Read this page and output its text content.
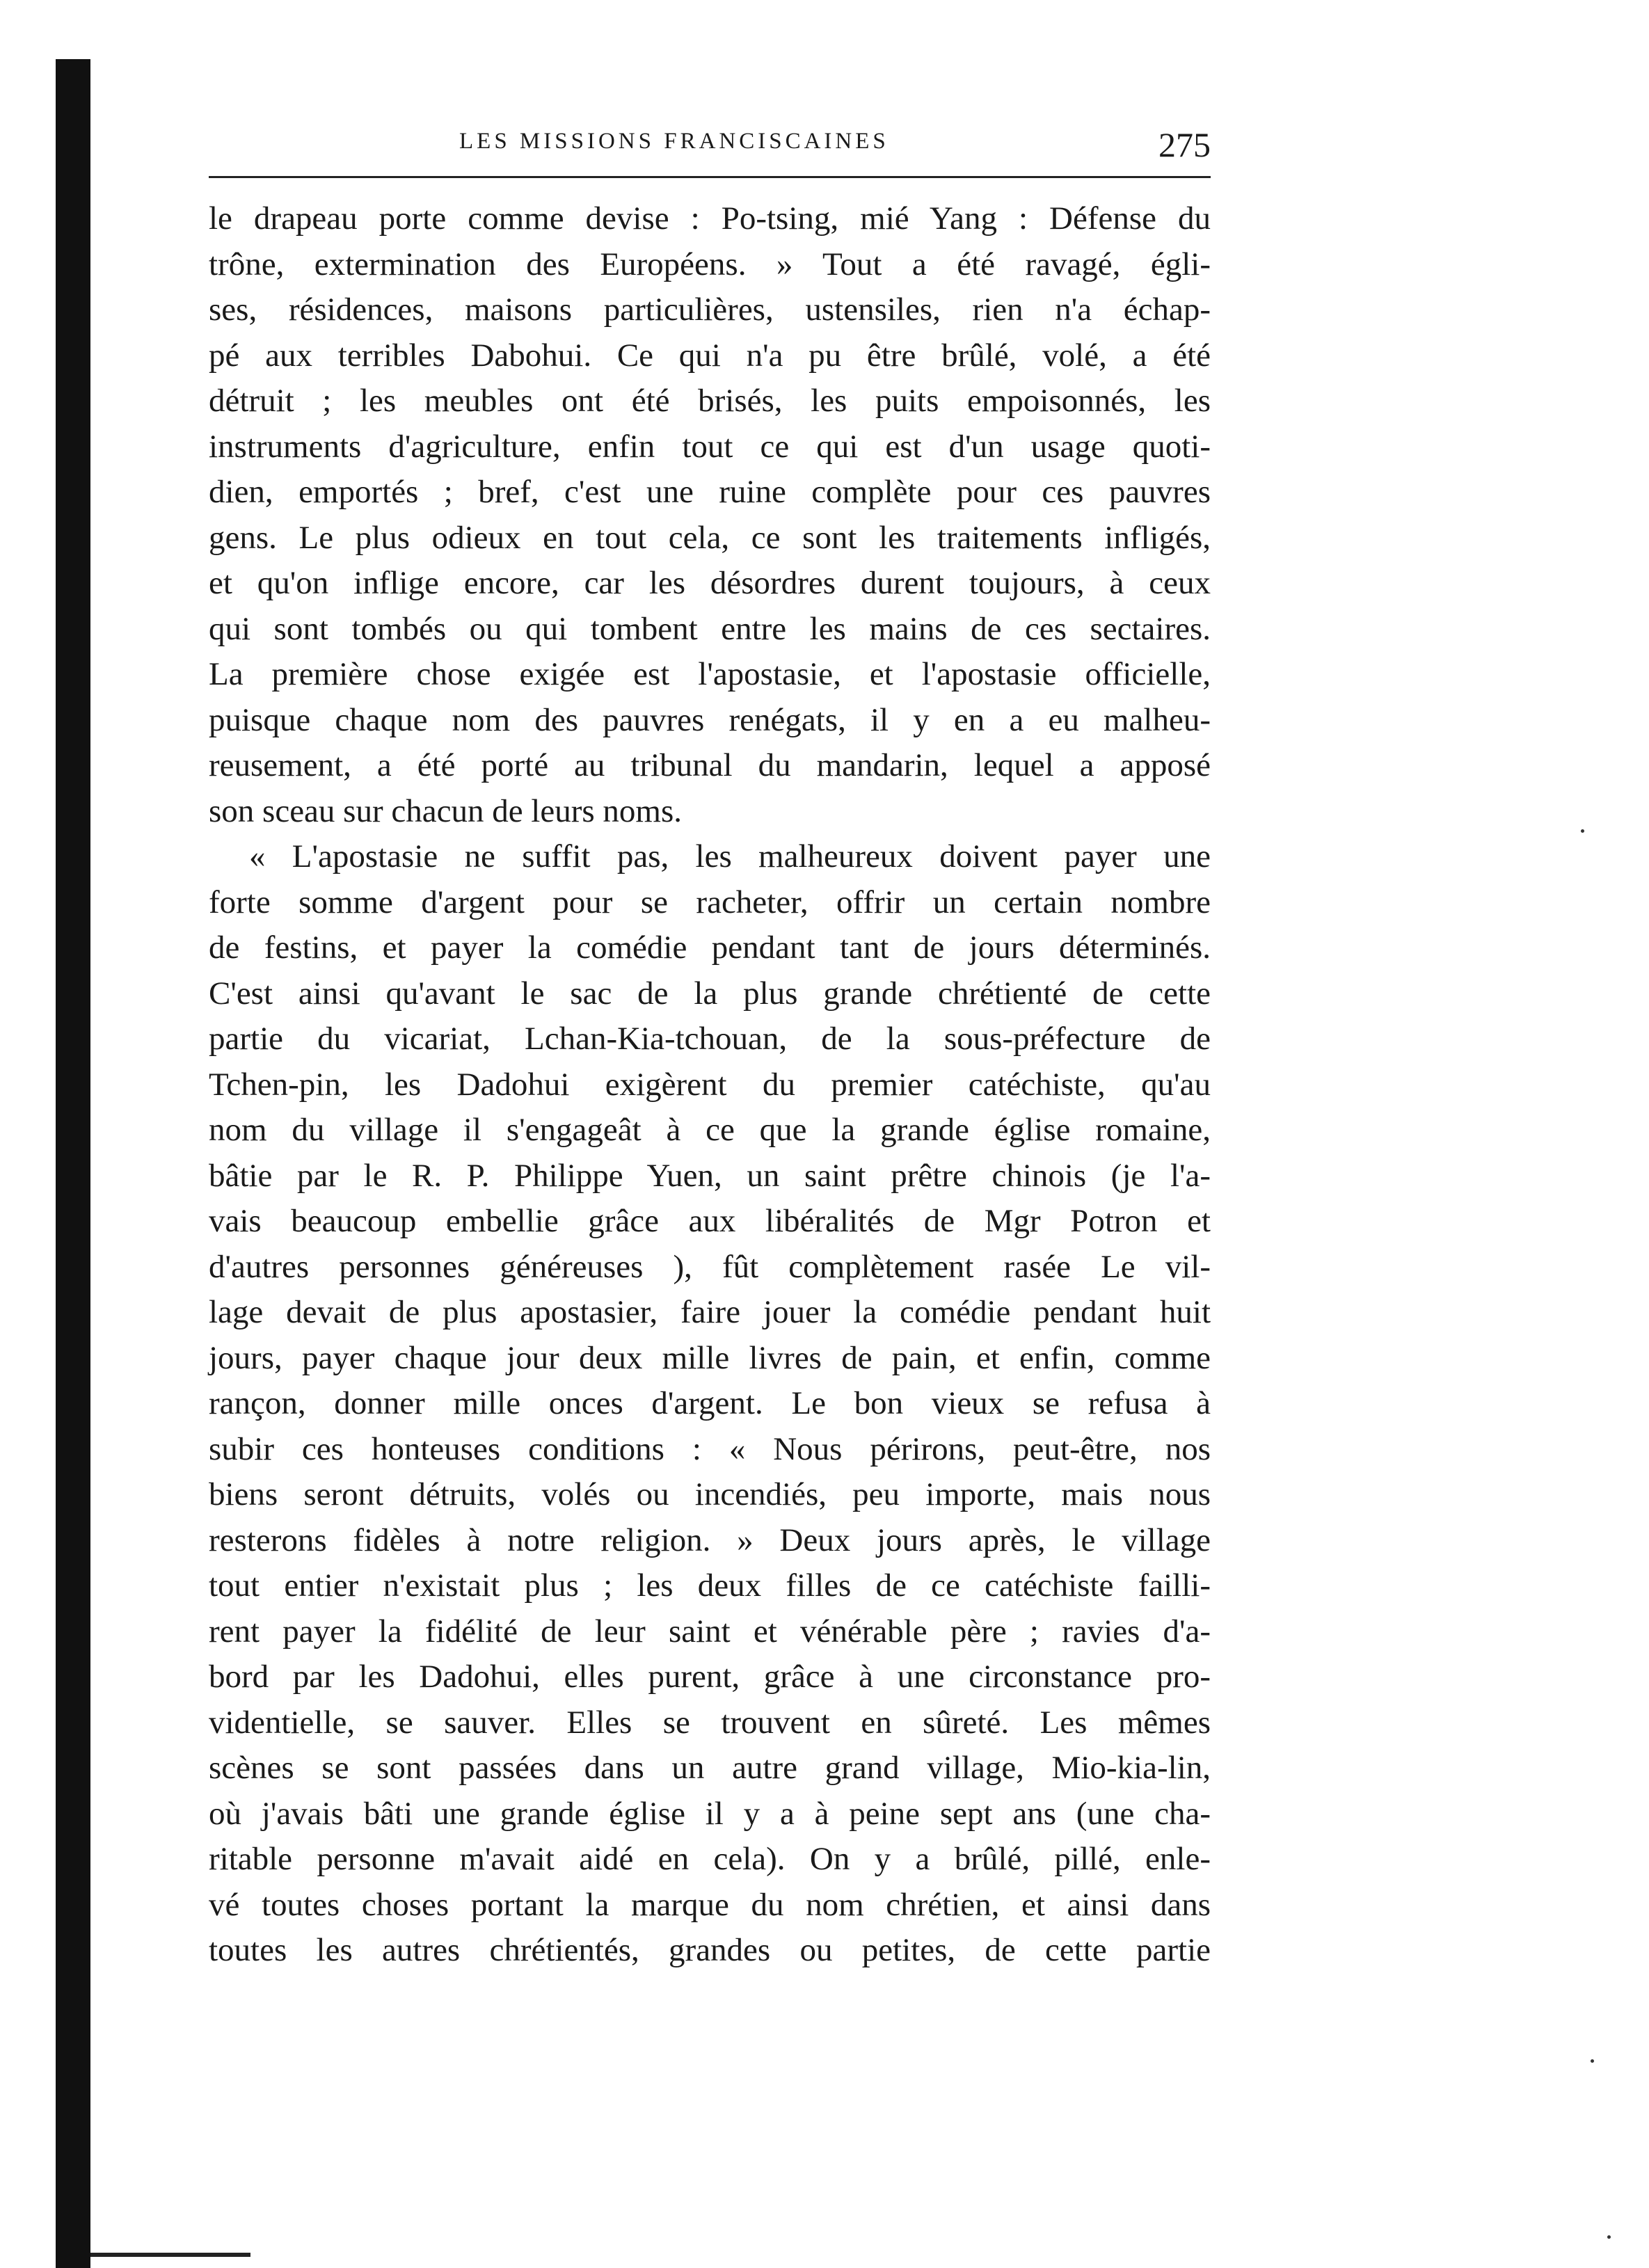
LES MISSIONS FRANCISCAINES	275
le drapeau porte comme devise : Po-tsing, mié Yang : Défense du
trône, extermination des Européens. » Tout a été ravagé, égli-
ses, résidences, maisons particulières, ustensiles, rien n'a échap-
pé aux terribles Dabohui. Ce qui n'a pu être brûlé, volé, a été
détruit ; les meubles ont été brisés, les puits empoisonnés, les
instruments d'agriculture, enfin tout ce qui est d'un usage quoti-
dien, emportés ; bref, c'est une ruine complète pour ces pauvres
gens. Le plus odieux en tout cela, ce sont les traitements infligés,
et qu'on inflige encore, car les désordres durent toujours, à ceux
qui sont tombés ou qui tombent entre les mains de ces sectaires.
La première chose exigée est l'apostasie, et l'apostasie officielle,
puisque chaque nom des pauvres renégats, il y en a eu malheu-
reusement, a été porté au tribunal du mandarin, lequel a apposé
son sceau sur chacun de leurs noms.
« L'apostasie ne suffit pas, les malheureux doivent payer une
forte somme d'argent pour se racheter, offrir un certain nombre
de festins, et payer la comédie pendant tant de jours déterminés.
C'est ainsi qu'avant le sac de la plus grande chrétienté de cette
partie du vicariat, Lchan-Kia-tchouan, de la sous-préfecture de
Tchen-pin, les Dadohui exigèrent du premier catéchiste, qu'au
nom du village il s'engageât à ce que la grande église romaine,
bâtie par le R. P. Philippe Yuen, un saint prêtre chinois (je l'a-
vais beaucoup embellie grâce aux libéralités de Mgr Potron et
d'autres personnes généreuses ), fût complètement rasée Le vil-
lage devait de plus apostasier, faire jouer la comédie pendant huit
jours, payer chaque jour deux mille livres de pain, et enfin, comme
rançon, donner mille onces d'argent. Le bon vieux se refusa à
subir ces honteuses conditions : « Nous périrons, peut-être, nos
biens seront détruits, volés ou incendiés, peu importe, mais nous
resterons fidèles à notre religion. » Deux jours après, le village
tout entier n'existait plus ; les deux filles de ce catéchiste failli-
rent payer la fidélité de leur saint et vénérable père ; ravies d'a-
bord par les Dadohui, elles purent, grâce à une circonstance pro-
videntielle, se sauver. Elles se trouvent en sûreté. Les mêmes
scènes se sont passées dans un autre grand village, Mio-kia-lin,
où j'avais bâti une grande église il y a à peine sept ans (une cha-
ritable personne m'avait aidé en cela). On y a brûlé, pillé, enle-
vé toutes choses portant la marque du nom chrétien, et ainsi dans
toutes les autres chrétientés, grandes ou petites, de cette partie
